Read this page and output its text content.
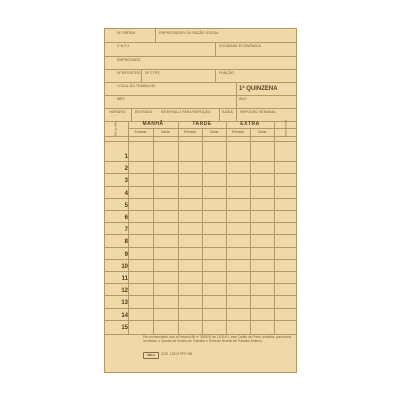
Nº ORDEM	EMPREGADOR OU RAZÃO SOCIAL
C.N.P.J.	ATIVIDADE ECONÔMICA
EMPREGADO
Nº REGISTRO Nº CTPS	FUNÇÃO
LOCAL DO TRABALHO	1ª QUINZENA
MÊS	ANO
HORÁRIO	ENTRADA INTERVALO PARA REFEIÇÃO	SAÍDA REPOUSO SEMANAL
Dia do Mês	Horas Extras
MANHÃ	TARDE	EXTRA
Entrada	Saída	Entrada	Saída	Entrada	Saída
1
2
3
4
5
6
7
8
9
10
11
12
13
14
15
Em conformidade com a Portaria MB nº 3626/91 de 13/11/91, este Cartão de Ponto, substitui, para todos os efeitos, o Quadro de Horário de Trabalho e Ficha de Horário de Trabalho Externo.
tilibra	CÓD. 13013 TIPO RB
